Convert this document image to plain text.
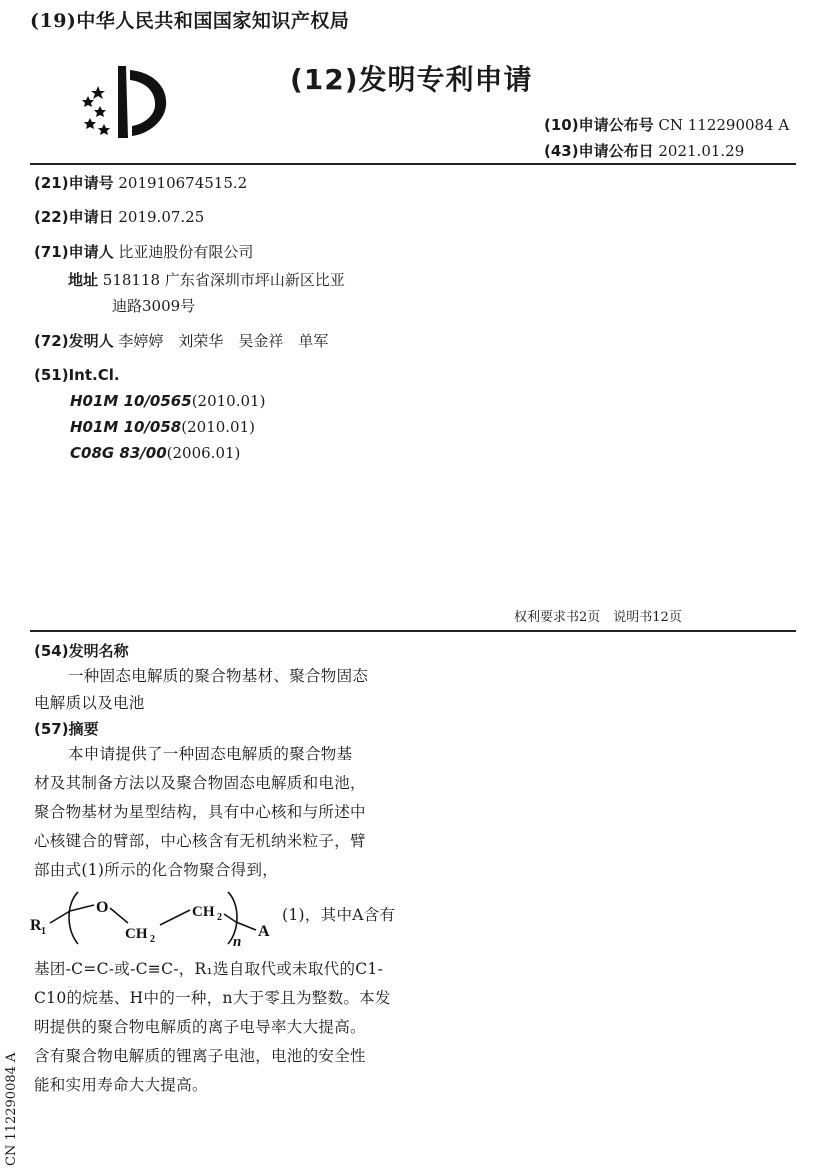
(19)中华人民共和国国家知识产权局
(12)发明专利申请
(10)申请公布号 CN 112290084 A
(43)申请公布日 2021.01.29
(21)申请号 201910674515.2
(22)申请日 2019.07.25
(71)申请人 比亚迪股份有限公司
地址 518118 广东省深圳市坪山新区比亚
迪路3009号
(72)发明人 李婷婷　刘荣华　吴金祥　单军
(51)Int.Cl.
H01M 10/0565(2010.01)
H01M 10/058(2010.01)
C08G 83/00(2006.01)
权利要求书2页　说明书12页
(54)发明名称
一种固态电解质的聚合物基材、聚合物固态
电解质以及电池
(57)摘要
本申请提供了一种固态电解质的聚合物基
材及其制备方法以及聚合物固态电解质和电池，
聚合物基材为星型结构，具有中心核和与所述中
心核键合的臂部，中心核含有无机纳米粒子，臂
部由式(1)所示的化合物聚合得到，
R 1
O
CH 2
CH 2
n
A
(1)，其中A含有
基团-C=C-或-C≡C-，R₁选自取代或未取代的C1-
C10的烷基、H中的一种，n大于零且为整数。本发
明提供的聚合物电解质的离子电导率大大提高。
含有聚合物电解质的锂离子电池，电池的安全性
能和实用寿命大大提高。
CN 112290084 A
